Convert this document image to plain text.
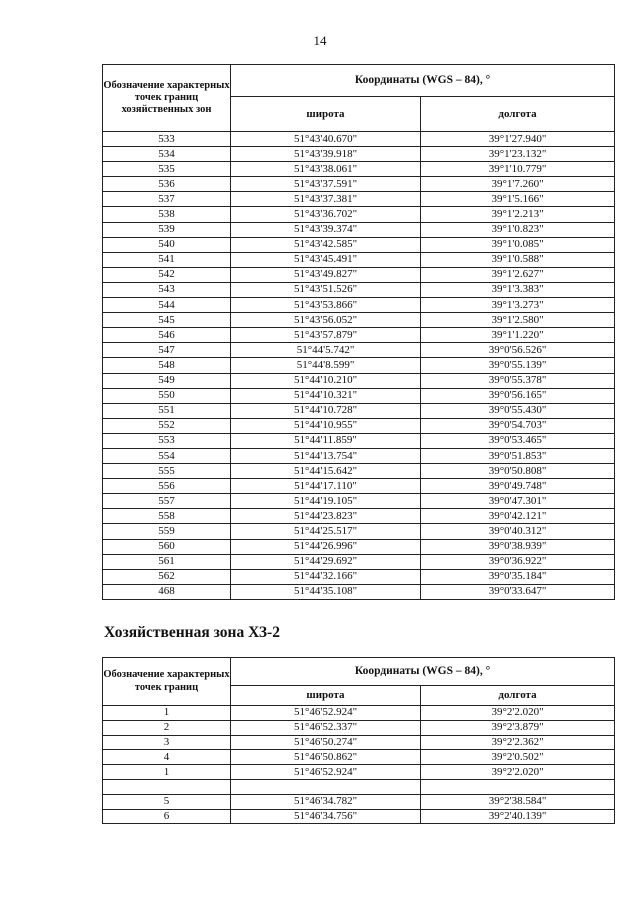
14
Обозначение характерных точек границ хозяйственных зон	Координаты (WGS – 84), °	
	широта	долгота
533	51°43'40.670"	39°1'27.940"
534	51°43'39.918"	39°1'23.132"
535	51°43'38.061"	39°1'10.779"
536	51°43'37.591"	39°1'7.260"
537	51°43'37.381"	39°1'5.166"
538	51°43'36.702"	39°1'2.213"
539	51°43'39.374"	39°1'0.823"
540	51°43'42.585"	39°1'0.085"
541	51°43'45.491"	39°1'0.588"
542	51°43'49.827"	39°1'2.627"
543	51°43'51.526"	39°1'3.383"
544	51°43'53.866"	39°1'3.273"
545	51°43'56.052"	39°1'2.580"
546	51°43'57.879"	39°1'1.220"
547	51°44'5.742"	39°0'56.526"
548	51°44'8.599"	39°0'55.139"
549	51°44'10.210"	39°0'55.378"
550	51°44'10.321"	39°0'56.165"
551	51°44'10.728"	39°0'55.430"
552	51°44'10.955"	39°0'54.703"
553	51°44'11.859"	39°0'53.465"
554	51°44'13.754"	39°0'51.853"
555	51°44'15.642"	39°0'50.808"
556	51°44'17.110"	39°0'49.748"
557	51°44'19.105"	39°0'47.301"
558	51°44'23.823"	39°0'42.121"
559	51°44'25.517"	39°0'40.312"
560	51°44'26.996"	39°0'38.939"
561	51°44'29.692"	39°0'36.922"
562	51°44'32.166"	39°0'35.184"
468	51°44'35.108"	39°0'33.647"
Хозяйственная зона ХЗ-2
Обозначение характерных точек границ	Координаты (WGS – 84), °	
	широта	долгота
1	51°46'52.924"	39°2'2.020"
2	51°46'52.337"	39°2'3.879"
3	51°46'50.274"	39°2'2.362"
4	51°46'50.862"	39°2'0.502"
1	51°46'52.924"	39°2'2.020"

5	51°46'34.782"	39°2'38.584"
6	51°46'34.756"	39°2'40.139"
